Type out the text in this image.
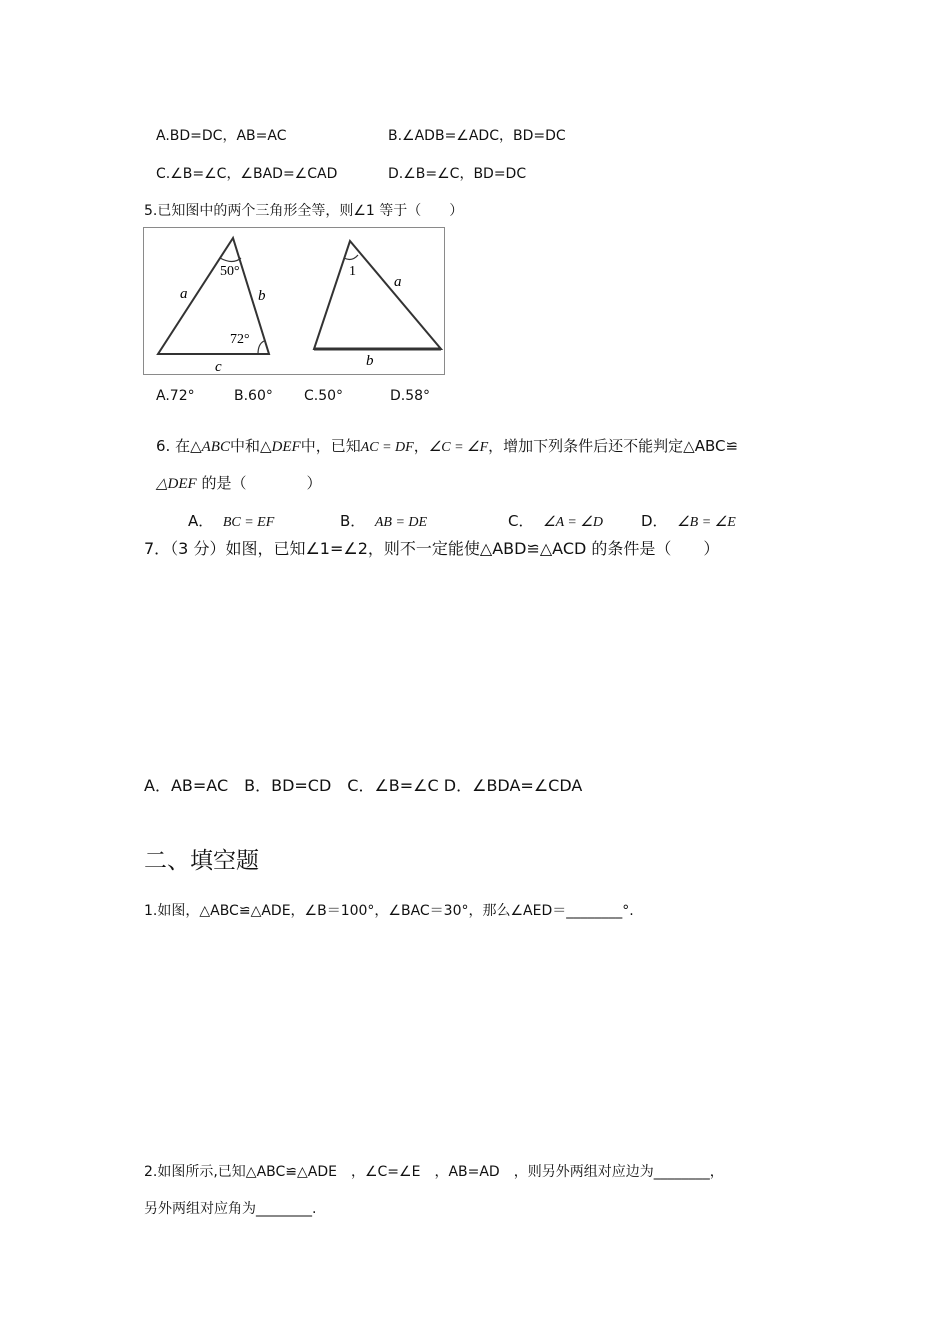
A.BD=DC，AB=AC	B.∠ADB=∠ADC，BD=DC
C.∠B=∠C，∠BAD=∠CAD	D.∠B=∠C，BD=DC
5.已知图中的两个三角形全等，则∠1 等于（　　）
50°
72°
a	b
c
1
a
b
A.72°	B.60° C.50°	D.58°
6. 在△ABC中和△DEF中，已知AC = DF，∠C = ∠F，增加下列条件后还不能判定△ABC≌
△DEF 的是（　　　　）
A． BC = EF	B． AB = DE	C． ∠A = ∠D	D． ∠B = ∠E
7．（3 分）如图，已知∠1=∠2，则不一定能使△ABD≌△ACD 的条件是（　　）
A．AB=AC　B．BD=CD　C．∠B=∠C D．∠BDA=∠CDA
二、填空题
1.如图，△ABC≌△ADE，∠B＝100°，∠BAC＝30°，那么∠AED＝________°.
2.如图所示,已知△ABC≌△ADE　，∠C=∠E　，AB=AD　，则另外两组对应边为________，
另外两组对应角为________.
